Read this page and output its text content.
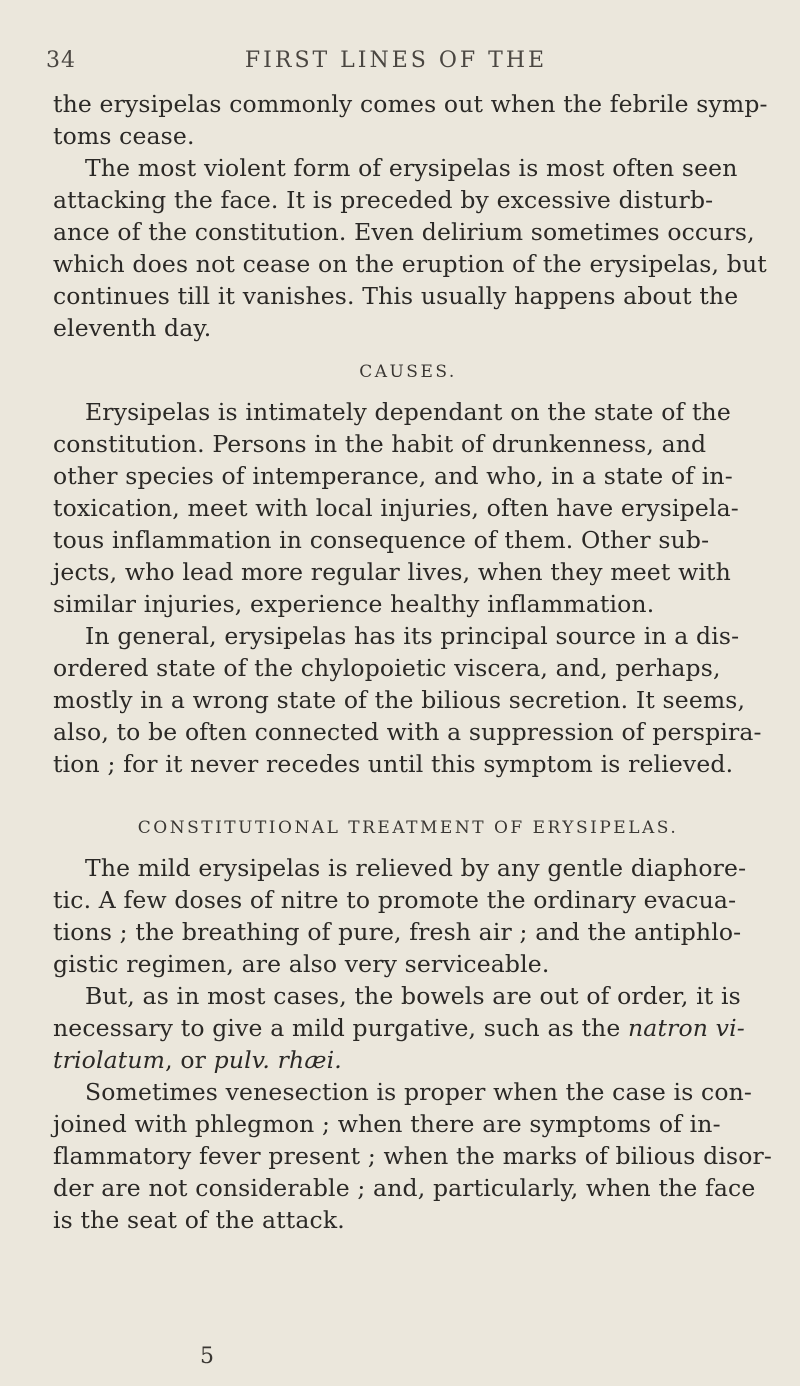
34	FIRST LINES OF THE
the erysipelas commonly comes out when the febrile symp-
toms cease.
The most violent form of erysipelas is most often seen
attacking the face. It is preceded by excessive disturb-
ance of the constitution. Even delirium sometimes occurs,
which does not cease on the eruption of the erysipelas, but
continues till it vanishes. This usually happens about the
eleventh day.
CAUSES.
Erysipelas is intimately dependant on the state of the
constitution. Persons in the habit of drunkenness, and
other species of intemperance, and who, in a state of in-
toxication, meet with local injuries, often have erysipela-
tous inflammation in consequence of them. Other sub-
jects, who lead more regular lives, when they meet with
similar injuries, experience healthy inflammation.
In general, erysipelas has its principal source in a dis-
ordered state of the chylopoietic viscera, and, perhaps,
mostly in a wrong state of the bilious secretion. It seems,
also, to be often connected with a suppression of perspira-
tion ; for it never recedes until this symptom is relieved.
CONSTITUTIONAL TREATMENT OF ERYSIPELAS.
The mild erysipelas is relieved by any gentle diaphore-
tic. A few doses of nitre to promote the ordinary evacua-
tions ; the breathing of pure, fresh air ; and the antiphlo-
gistic regimen, are also very serviceable.
But, as in most cases, the bowels are out of order, it is
necessary to give a mild purgative, such as the natron vi-
triolatum, or pulv. rhæi.
Sometimes venesection is proper when the case is con-
joined with phlegmon ; when there are symptoms of in-
flammatory fever present ; when the marks of bilious disor-
der are not considerable ; and, particularly, when the face
is the seat of the attack.
5
